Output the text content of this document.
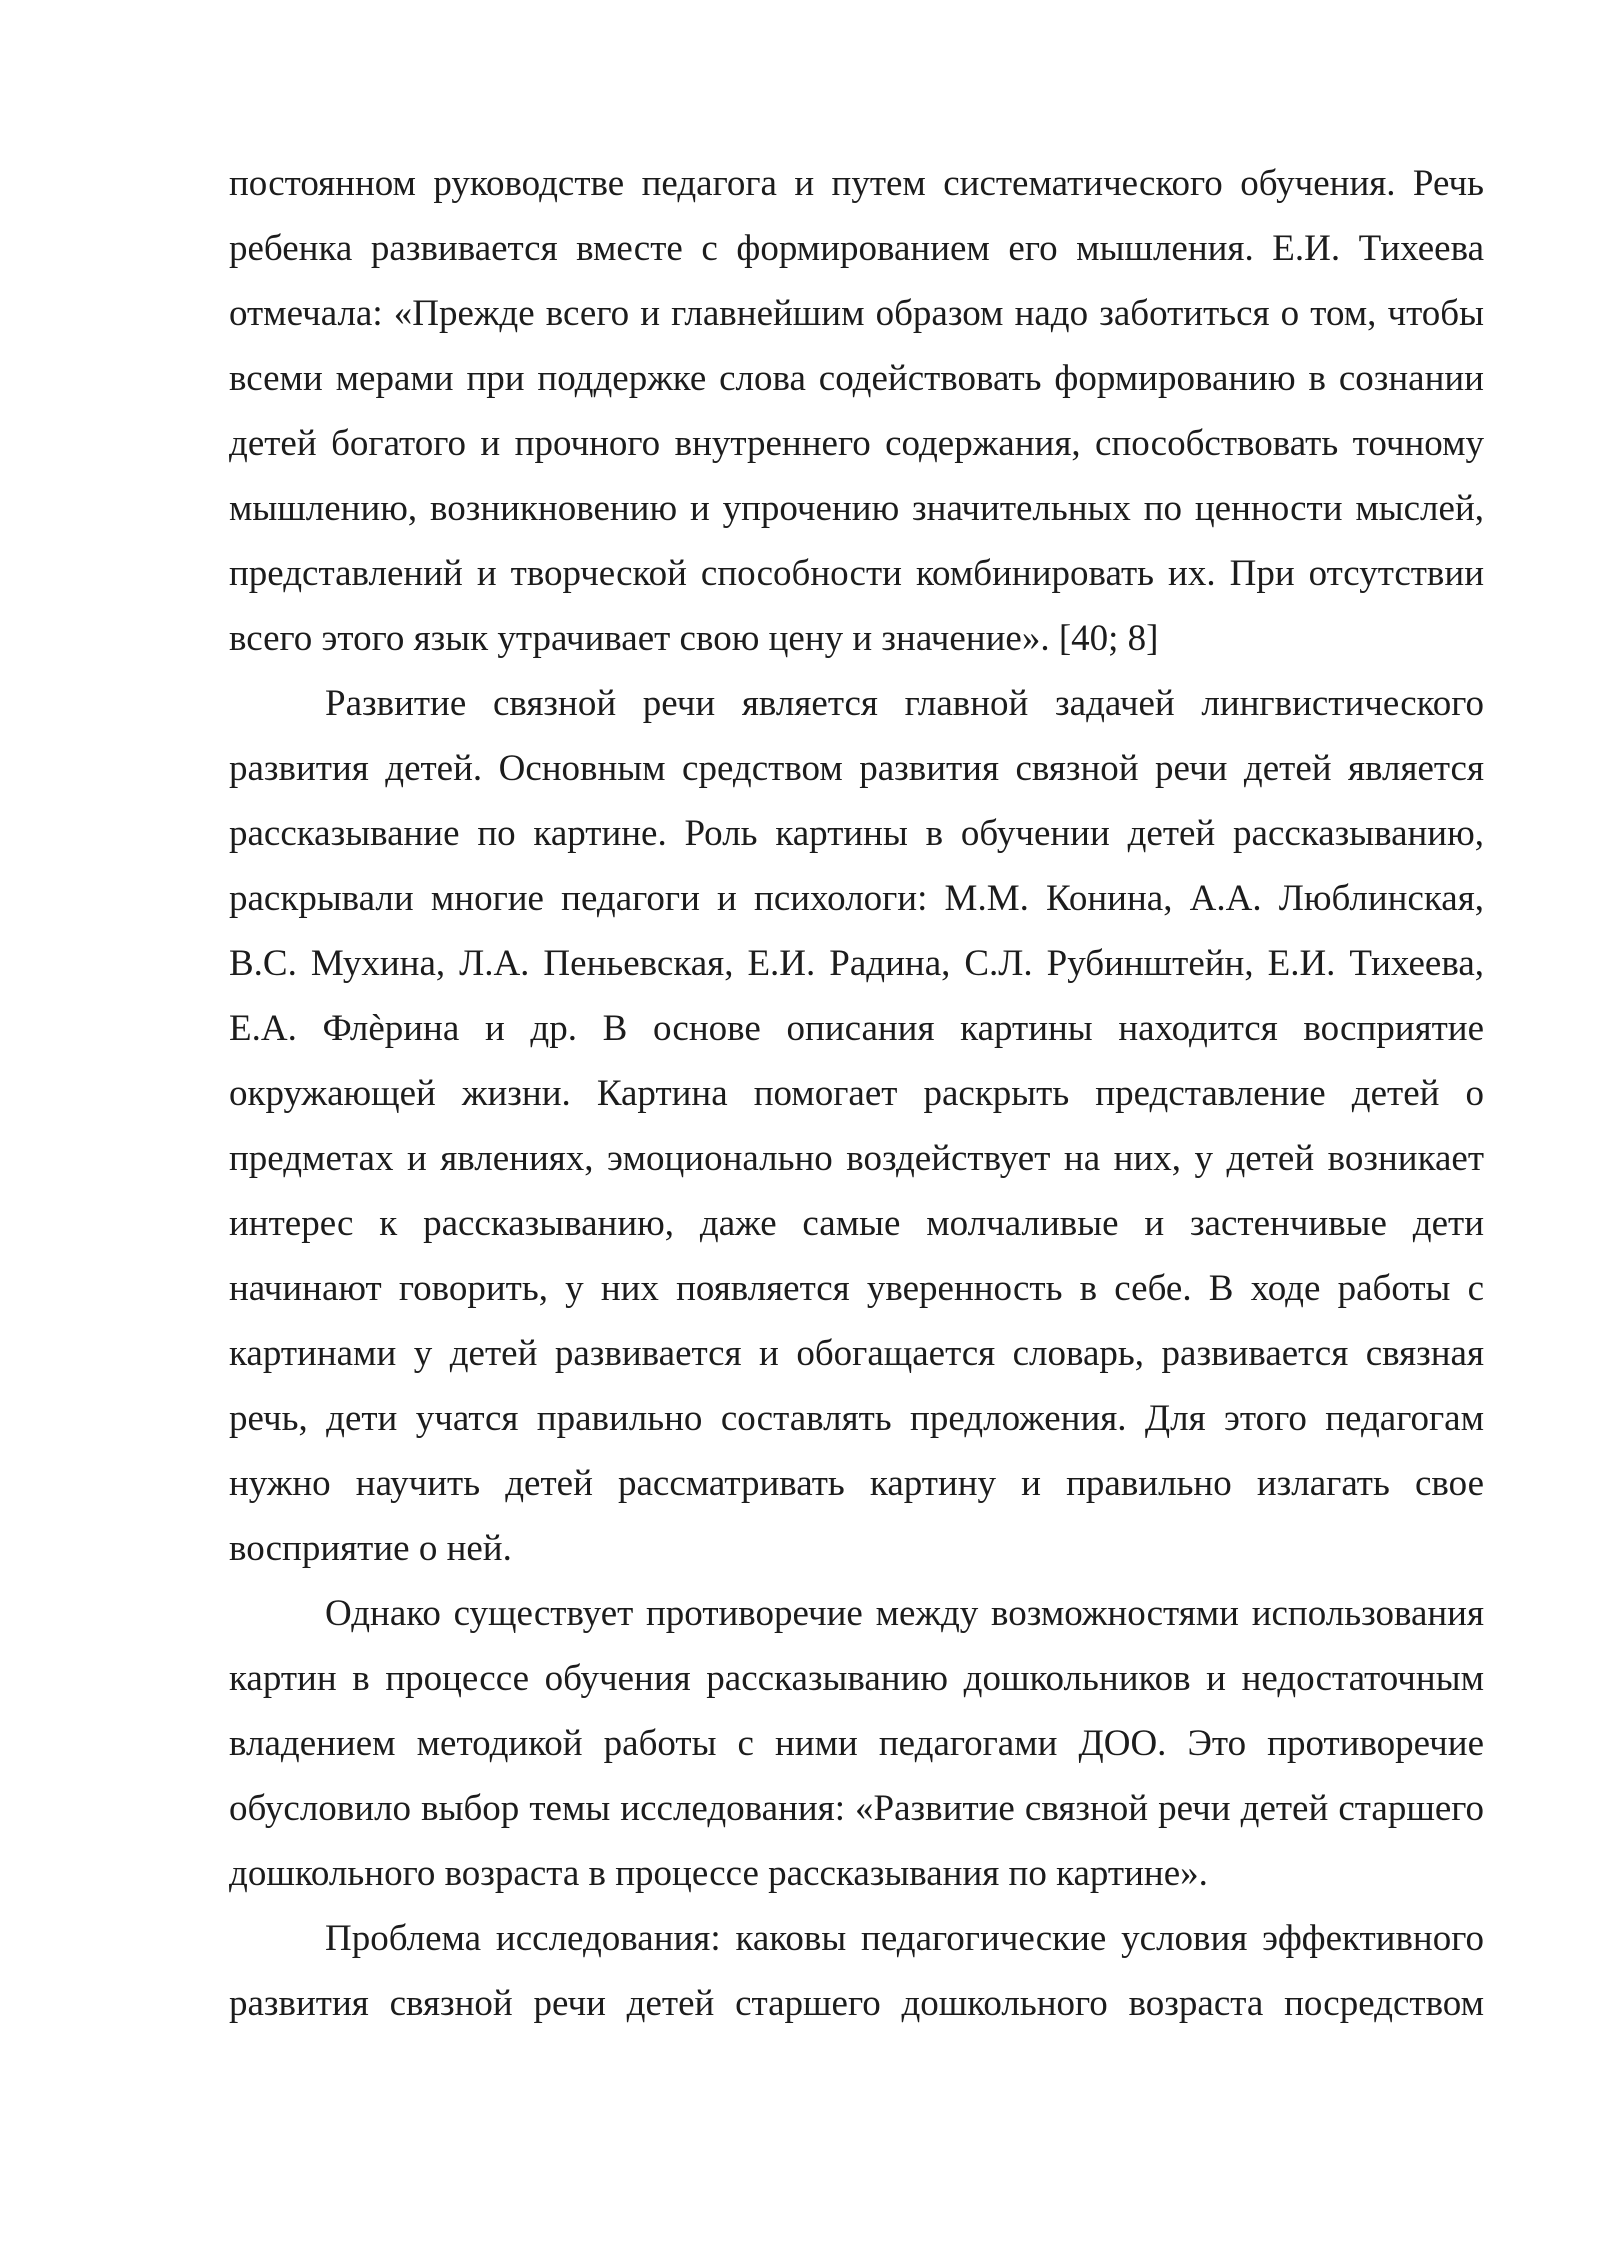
постоянном руководстве педагога и путем систематического обучения. Речь ребенка развивается вместе с формированием его мышления. Е.И. Тихеева отмечала: «Прежде всего и главнейшим образом надо заботиться о том, чтобы всеми мерами при поддержке слова содействовать формированию в сознании детей богатого и прочного внутреннего содержания, способствовать точному мышлению, возникновению и упрочению значительных по ценности мыслей, представлений и творческой способности комбинировать их. При отсутствии всего этого язык утрачивает свою цену и значение». [40; 8]

Развитие связной речи является главной задачей лингвистического развития детей. Основным средством развития связной речи детей является рассказывание по картине. Роль картины в обучении детей рассказыванию, раскрывали многие педагоги и психологи: М.М. Конина, А.А. Люблинская, В.С. Мухина, Л.А. Пеньевская, Е.И. Радина, С.Л. Рубинштейн, Е.И. Тихеева, Е.А. Флѐрина и др. В основе описания картины находится восприятие окружающей жизни. Картина помогает раскрыть представление детей о предметах и явлениях, эмоционально воздействует на них, у детей возникает интерес к рассказыванию, даже самые молчаливые и застенчивые дети начинают говорить, у них появляется уверенность в себе. В ходе работы с картинами у детей развивается и обогащается словарь, развивается связная речь, дети учатся правильно составлять предложения. Для этого педагогам нужно научить детей рассматривать картину и правильно излагать свое восприятие о ней.

Однако существует противоречие между возможностями использования картин в процессе обучения рассказыванию дошкольников и недостаточным владением методикой работы с ними педагогами ДОО. Это противоречие обусловило выбор темы исследования: «Развитие связной речи детей старшего дошкольного возраста в процессе рассказывания по картине».

Проблема исследования: каковы педагогические условия эффективного развития связной речи детей старшего дошкольного возраста посредством
